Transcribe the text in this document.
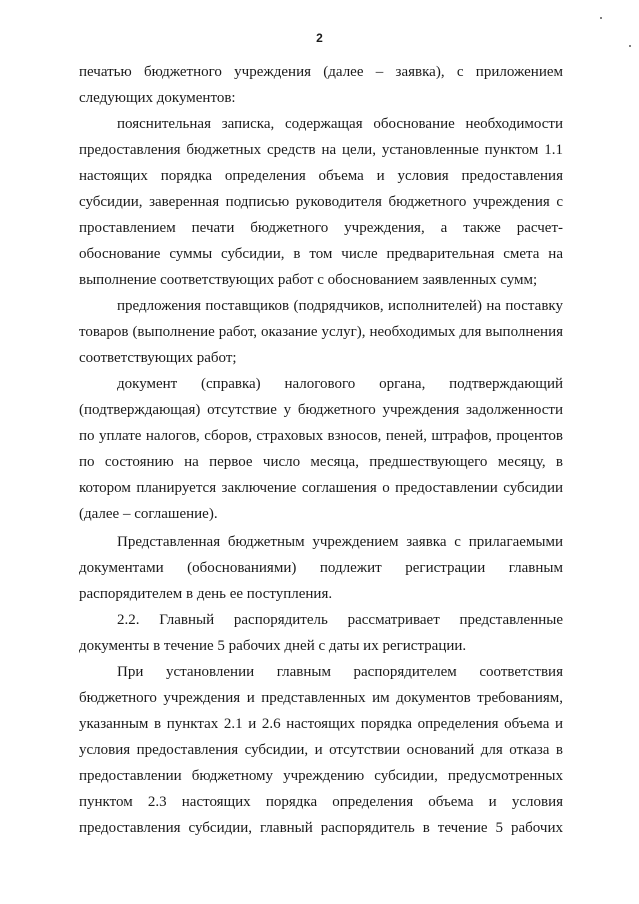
2
печатью бюджетного учреждения (далее – заявка), с приложением
следующих документов:
пояснительная записка, содержащая обоснование необходимости
предоставления бюджетных средств на цели, установленные пунктом 1.1
настоящих порядка определения объема и условия предоставления
субсидии, заверенная подписью руководителя бюджетного учреждения с
проставлением печати бюджетного учреждения, а также расчет-
обоснование суммы субсидии, в том числе предварительная смета на
выполнение соответствующих работ с обоснованием заявленных сумм;
предложения поставщиков (подрядчиков, исполнителей) на поставку
товаров (выполнение работ, оказание услуг), необходимых для выполнения
соответствующих работ;
документ (справка) налогового органа, подтверждающий
(подтверждающая) отсутствие у бюджетного учреждения задолженности
по уплате налогов, сборов, страховых взносов, пеней, штрафов, процентов
по состоянию на первое число месяца, предшествующего месяцу, в
котором планируется заключение соглашения о предоставлении субсидии
(далее – соглашение).
Представленная бюджетным учреждением заявка с прилагаемыми
документами (обоснованиями) подлежит регистрации главным
распорядителем в день ее поступления.
2.2. Главный распорядитель рассматривает представленные
документы в течение 5 рабочих дней с даты их регистрации.
При установлении главным распорядителем соответствия
бюджетного учреждения и представленных им документов требованиям,
указанным в пунктах 2.1 и 2.6 настоящих порядка определения объема и
условия предоставления субсидии, и отсутствии оснований для отказа в
предоставлении бюджетному учреждению субсидии, предусмотренных
пунктом 2.3 настоящих порядка определения объема и условия
предоставления субсидии, главный распорядитель в течение 5 рабочих
